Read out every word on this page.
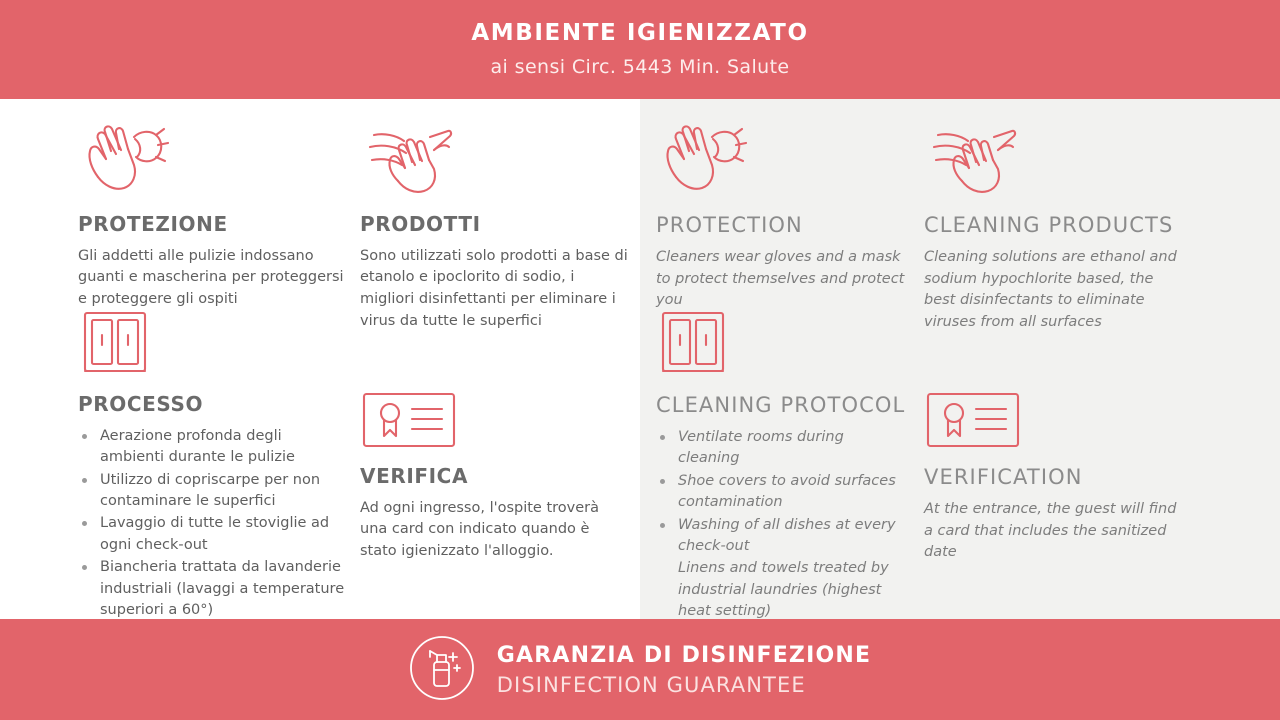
AMBIENTE IGIENIZZATO
ai sensi Circ. 5443 Min. Salute
PROTEZIONE

Gli addetti alle pulizie indossano guanti e mascherina per proteggersi e proteggere gli ospiti

PRODOTTI

Sono utilizzati solo prodotti a base di etanolo e ipoclorito di sodio, i migliori disinfettanti per eliminare i virus da tutte le superfici

PROCESSO
Aerazione profonda degli ambienti durante le pulizie
Utilizzo di copriscarpe per non contaminare le superfici
Lavaggio di tutte le stoviglie ad ogni check-out
Biancheria trattata da lavanderie industriali (lavaggi a temperature superiori a 60°)
VERIFICA

Ad ogni ingresso, l'ospite troverà una card con indicato quando è stato igienizzato l'alloggio.

PROTECTION

Cleaners wear gloves and a mask to protect themselves and protect you

CLEANING PRODUCTS

Cleaning solutions are ethanol and sodium hypochlorite based, the best disinfectants to eliminate viruses from all surfaces

CLEANING PROTOCOL
Ventilate rooms during cleaning
Shoe covers to avoid surfaces contamination
Washing of all dishes at every check-out
Linens and towels treated by industrial laundries (highest heat setting)
VERIFICATION

At the entrance, the guest will find a card that includes the sanitized date

GARANZIA DI DISINFEZIONE
DISINFECTION GUARANTEE
